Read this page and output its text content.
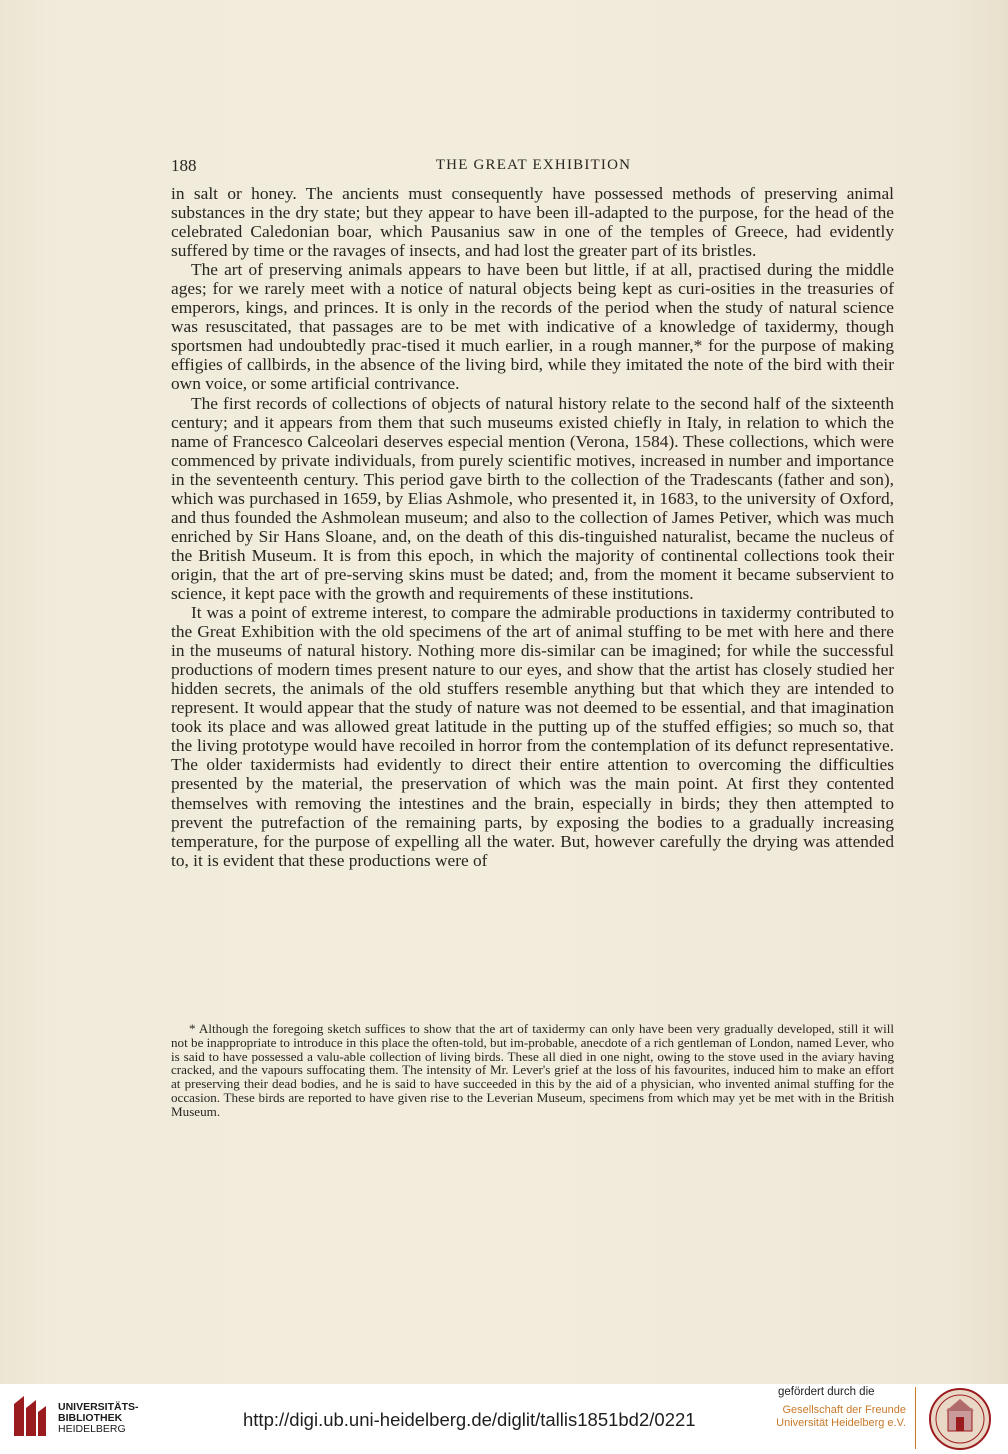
188	THE GREAT EXHIBITION

in salt or honey. The ancients must consequently have possessed methods of preserving animal substances in the dry state; but they appear to have been ill-adapted to the purpose, for the head of the celebrated Caledonian boar, which Pausanius saw in one of the temples of Greece, had evidently suffered by time or the ravages of insects, and had lost the greater part of its bristles.

The art of preserving animals appears to have been but little, if at all, practised during the middle ages; for we rarely meet with a notice of natural objects being kept as curi-osities in the treasuries of emperors, kings, and princes. It is only in the records of the period when the study of natural science was resuscitated, that passages are to be met with indicative of a knowledge of taxidermy, though sportsmen had undoubtedly prac-tised it much earlier, in a rough manner,* for the purpose of making effigies of callbirds, in the absence of the living bird, while they imitated the note of the bird with their own voice, or some artificial contrivance.

The first records of collections of objects of natural history relate to the second half of the sixteenth century; and it appears from them that such museums existed chiefly in Italy, in relation to which the name of Francesco Calceolari deserves especial mention (Verona, 1584). These collections, which were commenced by private individuals, from purely scientific motives, increased in number and importance in the seventeenth century. This period gave birth to the collection of the Tradescants (father and son), which was purchased in 1659, by Elias Ashmole, who presented it, in 1683, to the university of Oxford, and thus founded the Ashmolean museum; and also to the collection of James Petiver, which was much enriched by Sir Hans Sloane, and, on the death of this dis-tinguished naturalist, became the nucleus of the British Museum. It is from this epoch, in which the majority of continental collections took their origin, that the art of pre-serving skins must be dated; and, from the moment it became subservient to science, it kept pace with the growth and requirements of these institutions.

It was a point of extreme interest, to compare the admirable productions in taxidermy contributed to the Great Exhibition with the old specimens of the art of animal stuffing to be met with here and there in the museums of natural history. Nothing more dis-similar can be imagined; for while the successful productions of modern times present nature to our eyes, and show that the artist has closely studied her hidden secrets, the animals of the old stuffers resemble anything but that which they are intended to represent. It would appear that the study of nature was not deemed to be essential, and that imagination took its place and was allowed great latitude in the putting up of the stuffed effigies; so much so, that the living prototype would have recoiled in horror from the contemplation of its defunct representative. The older taxidermists had evidently to direct their entire attention to overcoming the difficulties presented by the material, the preservation of which was the main point. At first they contented themselves with removing the intestines and the brain, especially in birds; they then attempted to prevent the putrefaction of the remaining parts, by exposing the bodies to a gradually increasing temperature, for the purpose of expelling all the water. But, however carefully the drying was attended to, it is evident that these productions were of

* Although the foregoing sketch suffices to show that the art of taxidermy can only have been very gradually developed, still it will not be inappropriate to introduce in this place the often-told, but im-probable, anecdote of a rich gentleman of London, named Lever, who is said to have possessed a valu-able collection of living birds. These all died in one night, owing to the stove used in the aviary having cracked, and the vapours suffocating them. The intensity of Mr. Lever's grief at the loss of his favourites, induced him to make an effort at preserving their dead bodies, and he is said to have succeeded in this by the aid of a physician, who invented animal stuffing for the occasion. These birds are reported to have given rise to the Leverian Museum, specimens from which may yet be met with in the British Museum.

UNIVERSITÄTS-
BIBLIOTHEK
HEIDELBERG	http://digi.ub.uni-heidelberg.de/diglit/tallis1851bd2/0221
gefördert durch die
Gesellschaft der Freunde
Universität Heidelberg e.V.
